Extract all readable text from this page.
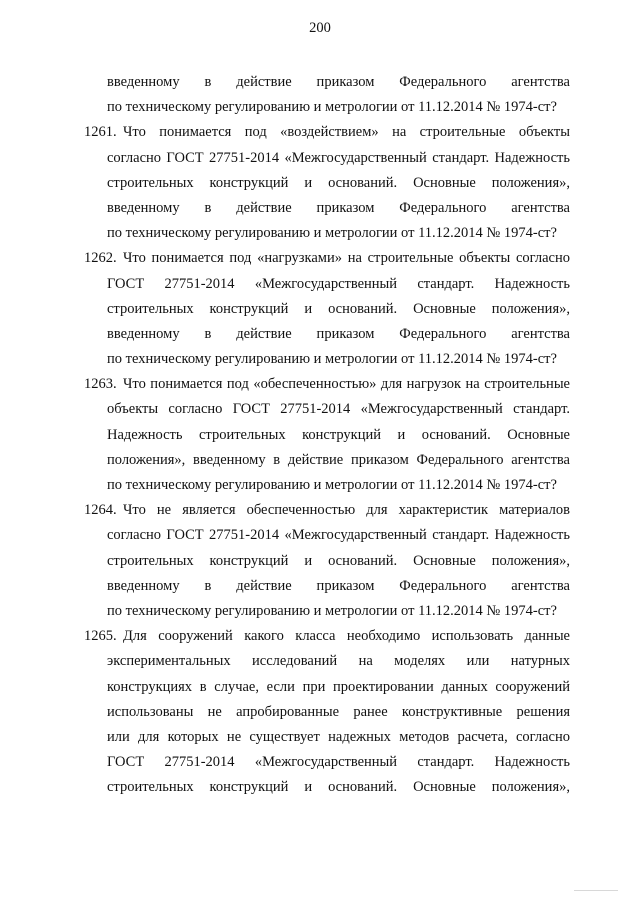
200
введенному в действие приказом Федерального агентства
по техническому регулированию и метрологии от 11.12.2014 № 1974-ст?
1261. Что понимается под «воздействием» на строительные объекты
согласно ГОСТ 27751-2014 «Межгосударственный стандарт. Надежность
строительных конструкций и оснований. Основные положения»,
введенному в действие приказом Федерального агентства
по техническому регулированию и метрологии от 11.12.2014 № 1974-ст?
1262. Что понимается под «нагрузками» на строительные объекты согласно
ГОСТ 27751-2014 «Межгосударственный стандарт. Надежность
строительных конструкций и оснований. Основные положения»,
введенному в действие приказом Федерального агентства
по техническому регулированию и метрологии от 11.12.2014 № 1974-ст?
1263. Что понимается под «обеспеченностью» для нагрузок на строительные
объекты согласно ГОСТ 27751-2014 «Межгосударственный стандарт.
Надежность строительных конструкций и оснований. Основные
положения», введенному в действие приказом Федерального агентства
по техническому регулированию и метрологии от 11.12.2014 № 1974-ст?
1264. Что не является обеспеченностью для характеристик материалов
согласно ГОСТ 27751-2014 «Межгосударственный стандарт. Надежность
строительных конструкций и оснований. Основные положения»,
введенному в действие приказом Федерального агентства
по техническому регулированию и метрологии от 11.12.2014 № 1974-ст?
1265. Для сооружений какого класса необходимо использовать данные
экспериментальных исследований на моделях или натурных
конструкциях в случае, если при проектировании данных сооружений
использованы не апробированные ранее конструктивные решения
или для которых не существует надежных методов расчета, согласно
ГОСТ 27751-2014 «Межгосударственный стандарт. Надежность
строительных конструкций и оснований. Основные положения»,
